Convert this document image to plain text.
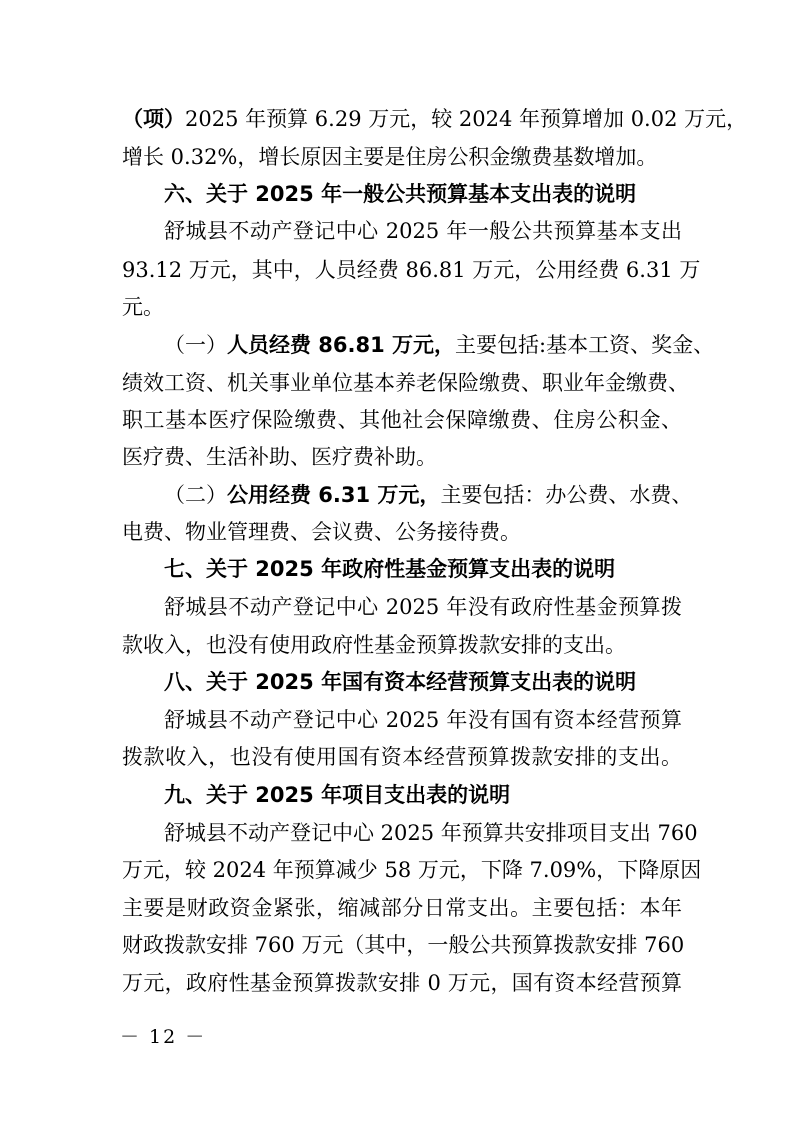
（项）2025 年预算 6.29 万元，较 2024 年预算增加 0.02 万元，
增长 0.32%，增长原因主要是住房公积金缴费基数增加。
六、关于 2025 年一般公共预算基本支出表的说明
舒城县不动产登记中心 2025 年一般公共预算基本支出
93.12 万元，其中，人员经费 86.81 万元，公用经费 6.31 万
元。
（一）人员经费 86.81 万元，主要包括:基本工资、奖金、
绩效工资、机关事业单位基本养老保险缴费、职业年金缴费、
职工基本医疗保险缴费、其他社会保障缴费、住房公积金、
医疗费、生活补助、医疗费补助。
（二）公用经费 6.31 万元，主要包括：办公费、水费、
电费、物业管理费、会议费、公务接待费。
七、关于 2025 年政府性基金预算支出表的说明
舒城县不动产登记中心 2025 年没有政府性基金预算拨
款收入，也没有使用政府性基金预算拨款安排的支出。
八、关于 2025 年国有资本经营预算支出表的说明
舒城县不动产登记中心 2025 年没有国有资本经营预算
拨款收入，也没有使用国有资本经营预算拨款安排的支出。
九、关于 2025 年项目支出表的说明
舒城县不动产登记中心 2025 年预算共安排项目支出 760
万元，较 2024 年预算减少 58 万元，下降 7.09%，下降原因
主要是财政资金紧张，缩减部分日常支出。主要包括：本年
财政拨款安排 760 万元（其中，一般公共预算拨款安排 760
万元，政府性基金预算拨款安排 0 万元，国有资本经营预算
－ 12 －
